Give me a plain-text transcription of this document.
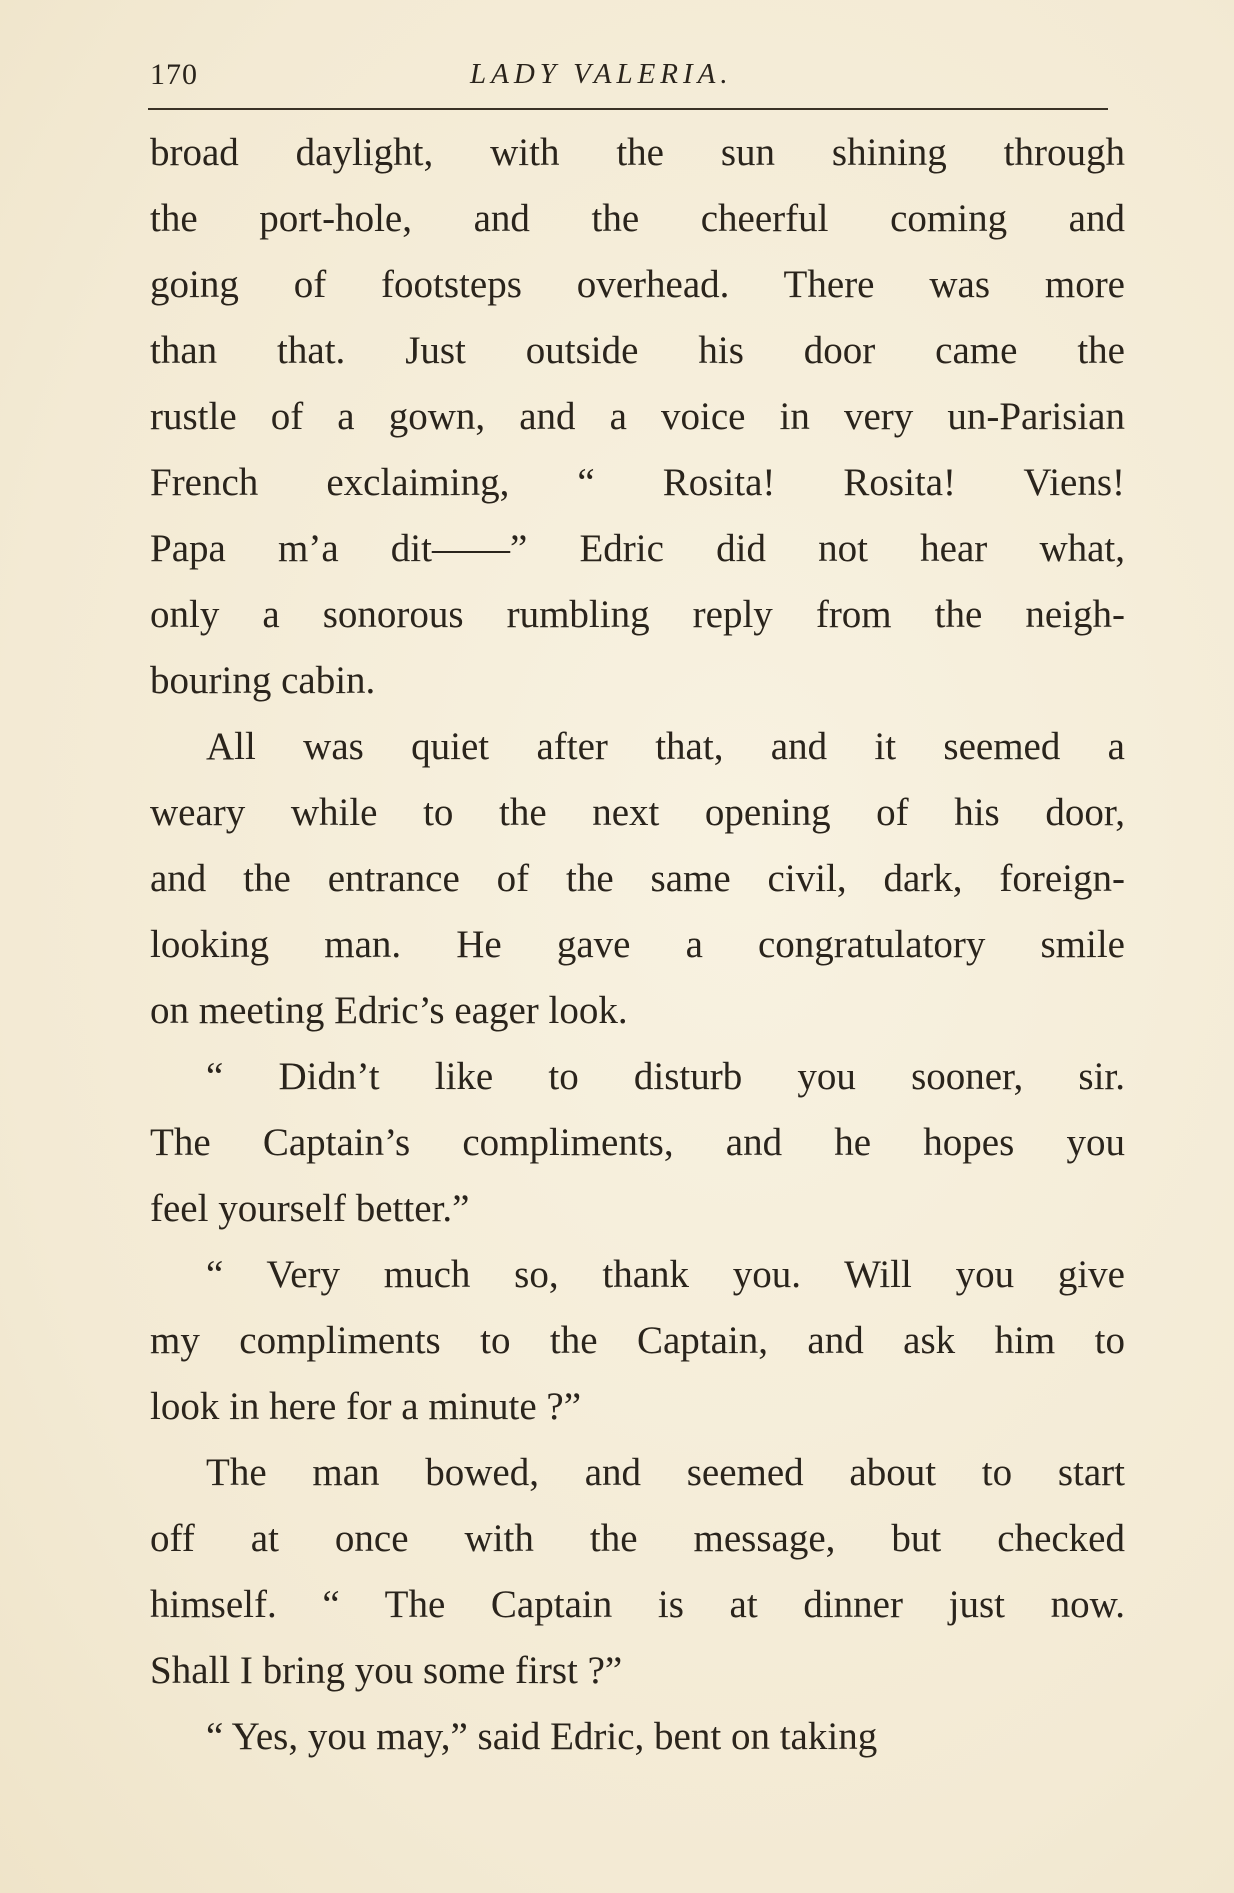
170	LADY VALERIA.
broad daylight, with the sun shining through
the port-hole, and the cheerful coming and
going of footsteps overhead. There was more
than that. Just outside his door came the
rustle of a gown, and a voice in very un-Parisian
French exclaiming, “ Rosita! Rosita! Viens!
Papa m’a dit——” Edric did not hear what,
only a sonorous rumbling reply from the neigh-
bouring cabin.
All was quiet after that, and it seemed a
weary while to the next opening of his door,
and the entrance of the same civil, dark, foreign-
looking man. He gave a congratulatory smile
on meeting Edric’s eager look.
“ Didn’t like to disturb you sooner, sir.
The Captain’s compliments, and he hopes you
feel yourself better.”
“ Very much so, thank you. Will you give
my compliments to the Captain, and ask him to
look in here for a minute ?”
The man bowed, and seemed about to start
off at once with the message, but checked
himself. “ The Captain is at dinner just now.
Shall I bring you some first ?”
“ Yes, you may,” said Edric, bent on taking
